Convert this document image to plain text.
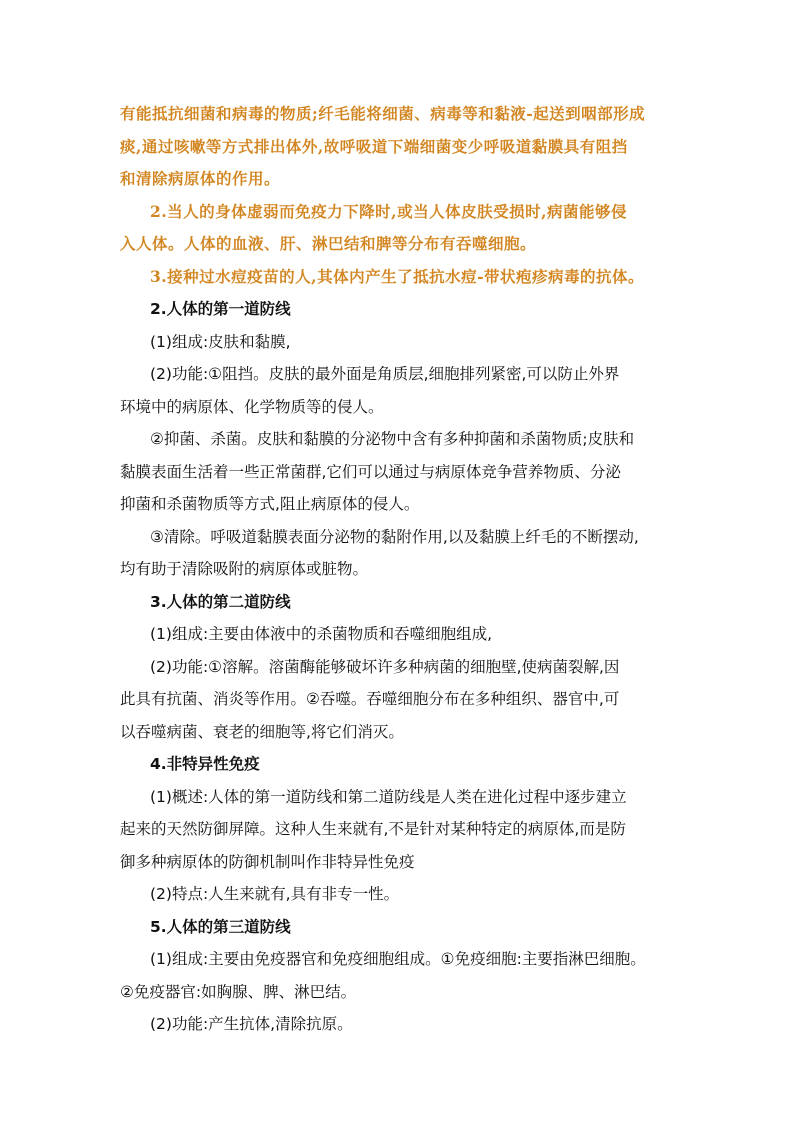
有能抵抗细菌和病毒的物质;纤毛能将细菌、病毒等和黏液-起送到咽部形成
痰,通过咳嗽等方式排出体外,故呼吸道下端细菌变少呼吸道黏膜具有阻挡
和清除病原体的作用。
2.当人的身体虚弱而免疫力下降时,或当人体皮肤受损时,病菌能够侵
入人体。人体的血液、肝、淋巴结和脾等分布有吞噬细胞。
3.接种过水痘疫苗的人,其体内产生了抵抗水痘-带状疱疹病毒的抗体。
2.人体的第一道防线
(1)组成:皮肤和黏膜,
(2)功能:①阻挡。皮肤的最外面是角质层,细胞排列紧密,可以防止外界
环境中的病原体、化学物质等的侵人。
②抑菌、杀菌。皮肤和黏膜的分泌物中含有多种抑菌和杀菌物质;皮肤和
黏膜表面生活着一些正常菌群,它们可以通过与病原体竞争营养物质、分泌
抑菌和杀菌物质等方式,阻止病原体的侵人。
③清除。呼吸道黏膜表面分泌物的黏附作用,以及黏膜上纤毛的不断摆动,
均有助于清除吸附的病原体或脏物。
3.人体的第二道防线
(1)组成:主要由体液中的杀菌物质和吞噬细胞组成,
(2)功能:①溶解。溶菌酶能够破坏许多种病菌的细胞壁,使病菌裂解,因
此具有抗菌、消炎等作用。②吞噬。吞噬细胞分布在多种组织、器官中,可
以吞噬病菌、衰老的细胞等,将它们消灭。
4.非特异性免疫
(1)概述:人体的第一道防线和第二道防线是人类在进化过程中逐步建立
起来的天然防御屏障。这种人生来就有,不是针对某种特定的病原体,而是防
御多种病原体的防御机制叫作非特异性免疫
(2)特点:人生来就有,具有非专一性。
5.人体的第三道防线
(1)组成:主要由免疫器官和免疫细胞组成。①免疫细胞:主要指淋巴细胞。
②免疫器官:如胸腺、脾、淋巴结。
(2)功能:产生抗体,清除抗原。
